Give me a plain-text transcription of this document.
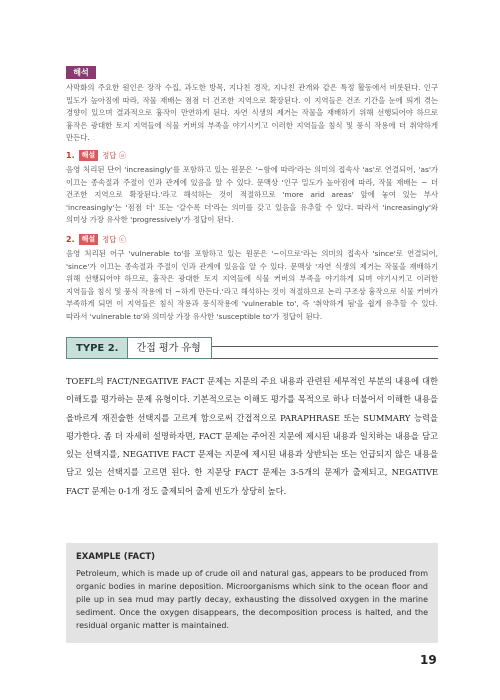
해석
사막화의 주요한 원인은 장작 수집, 과도한 방목, 지나친 경작, 지나친 관개와 같은 특정 활동에서 비롯된다. 인구 밀도가 높아짐에 따라, 작물 재배는 점점 더 건조한 지역으로 확장된다. 이 지역들은 건조 기간을 눈에 띄게 겪는 경향이 있으며 결과적으로 흉작이 만연하게 된다. 자연 식생의 제거는 작물을 재배하기 위해 선행되어야 하므로 흉작은 광대한 토지 지역들에 식물 커버의 부족을 야기시키고 이러한 지역들을 침식 및 풍식 작용에 더 취약하게 만든다.
1.	해설 정답 ⓐ
음영 처리된 단어 'increasingly'를 포함하고 있는 원문은 '~함에 따라'라는 의미의 접속사 'as'로 연결되어, 'as'가 이끄는 종속절과 주절이 인과 관계에 있음을 알 수 있다. 문맥상 '인구 밀도가 높아짐에 따라, 작물 재배는 ~ 더 건조한 지역으로 확장된다.'라고 해석하는 것이 적절하므로 'more arid areas' 앞에 놓여 있는 부사 'increasingly'는 '점점 더' 또는 '갈수록 더'라는 의미를 갖고 있음을 유추할 수 있다. 따라서 'increasingly'와 의미상 가장 유사한 'progressively'가 정답이 된다.
2.	해설 정답 ⓒ
음영 처리된 어구 'vulnerable to'를 포함하고 있는 원문은 '~이므로'라는 의미의 접속사 'since'로 연결되어, 'since'가 이끄는 종속절과 주절이 인과 관계에 있음을 알 수 있다. 문맥상 '자연 식생의 제거는 작물을 재배하기 위해 선행되어야 하므로, 흉작은 광대한 토지 지역들에 식물 커버의 부족을 야기하게 되며 야기시키고 이러한 지역들을 침식 및 풍식 작용에 더 ~하게 만든다.'라고 해석하는 것이 적절하므로 논리 구조상 흉작으로 식물 커버가 부족하게 되면 이 지역들은 침식 작용과 풍식작용에 'vulnerable to', 즉 '취약하게 됨'을 쉽게 유추할 수 있다. 따라서 'vulnerable to'와 의미상 가장 유사한 'susceptible to'가 정답이 된다.
TYPE 2.	간접 평가 유형
TOEFL의 FACT/NEGATIVE FACT 문제는 지문의 주요 내용과 관련된 세부적인 부분의 내용에 대한 이해도를 평가하는 문제 유형이다. 기본적으로는 이해도 평가를 목적으로 하나 더불어서 이해한 내용을 올바르게 재진술한 선택지를 고르게 함으로써 간접적으로 PARAPHRASE 또는 SUMMARY 능력을 평가한다. 좀 더 자세히 설명하자면, FACT 문제는 주어진 지문에 제시된 내용과 일치하는 내용을 담고 있는 선택지를, NEGATIVE FACT 문제는 지문에 제시된 내용과 상반되는 또는 언급되지 않은 내용을 담고 있는 선택지를 고르면 된다. 한 지문당 FACT 문제는 3-5개의 문제가 출제되고, NEGATIVE FACT 문제는 0-1개 정도 출제되어 출제 빈도가 상당히 높다.
EXAMPLE (FACT)
Petroleum, which is made up of crude oil and natural gas, appears to be produced from organic bodies in marine deposition. Microorganisms which sink to the ocean floor and pile up in sea mud may partly decay, exhausting the dissolved oxygen in the marine sediment. Once the oxygen disappears, the decomposition process is halted, and the residual organic matter is maintained.
19
